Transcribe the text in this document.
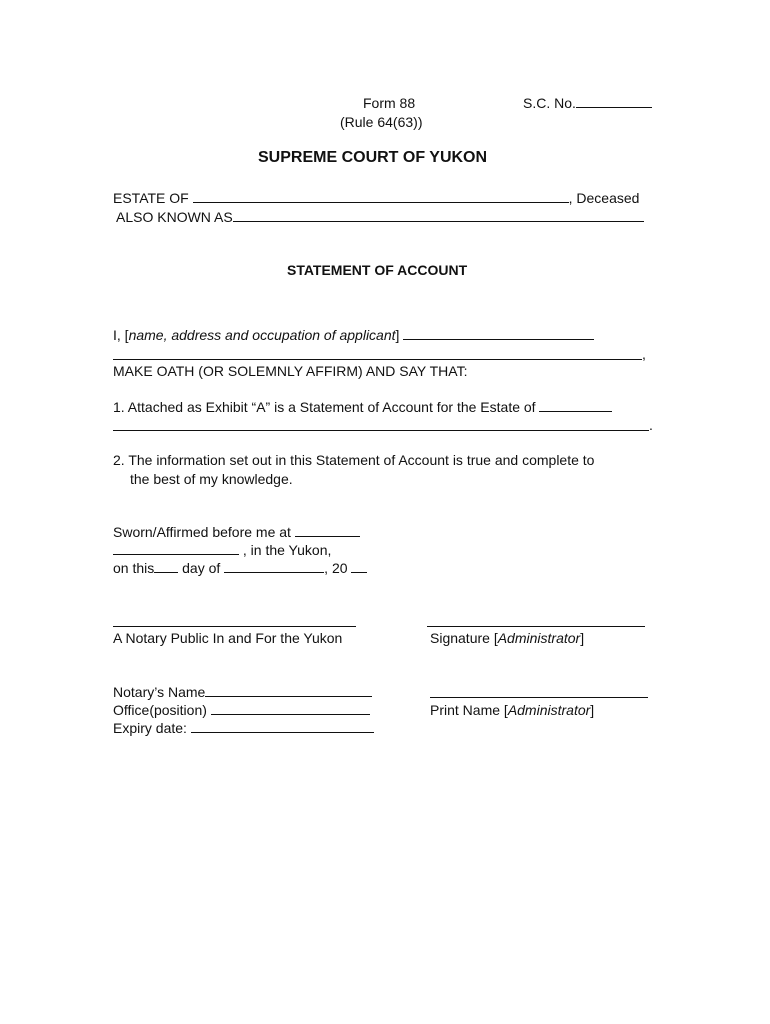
Form 88	S.C. No.
(Rule 64(63))
SUPREME COURT OF YUKON
ESTATE OF	, Deceased
ALSO KNOWN AS
STATEMENT OF ACCOUNT
I, [name, address and occupation of applicant]
,
MAKE OATH (OR SOLEMNLY AFFIRM) AND SAY THAT:
1. Attached as Exhibit “A” is a Statement of Account for the Estate of
.
2. The information set out in this Statement of Account is true and complete to
the best of my knowledge.
Sworn/Affirmed before me at
, in the Yukon,
on this day of	, 20
A Notary Public In and For the Yukon	Signature [Administrator]
Notary’s Name
Office(position)	Print Name [Administrator]
Expiry date:
